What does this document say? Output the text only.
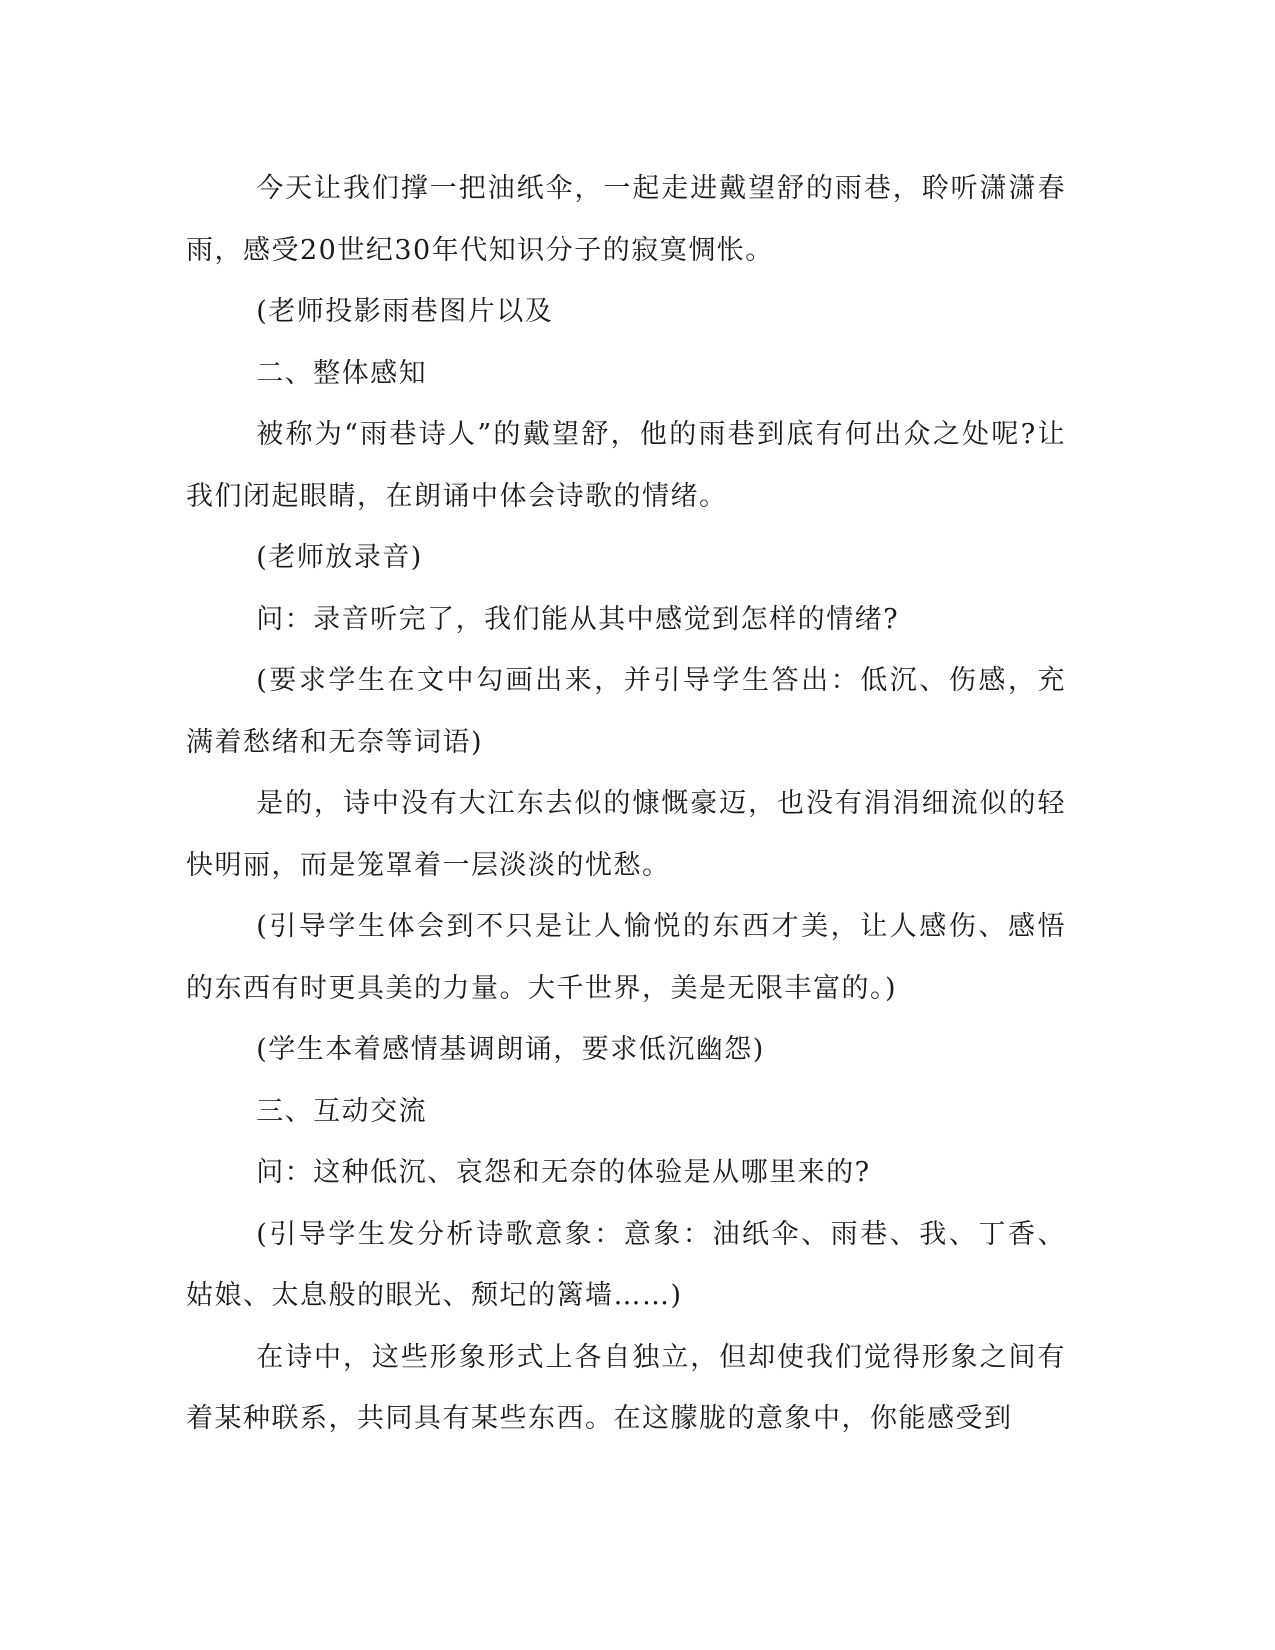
今天让我们撑一把油纸伞，一起走进戴望舒的雨巷，聆听潇潇春雨，感受20世纪30年代知识分子的寂寞惆怅。

(老师投影雨巷图片以及

二、整体感知

被称为“雨巷诗人”的戴望舒，他的雨巷到底有何出众之处呢?让我们闭起眼睛，在朗诵中体会诗歌的情绪。

(老师放录音)

问：录音听完了，我们能从其中感觉到怎样的情绪?

(要求学生在文中勾画出来，并引导学生答出：低沉、伤感，充满着愁绪和无奈等词语)

是的，诗中没有大江东去似的慷慨豪迈，也没有涓涓细流似的轻快明丽，而是笼罩着一层淡淡的忧愁。

(引导学生体会到不只是让人愉悦的东西才美，让人感伤、感悟的东西有时更具美的力量。大千世界，美是无限丰富的。)

(学生本着感情基调朗诵，要求低沉幽怨)

三、互动交流

问：这种低沉、哀怨和无奈的体验是从哪里来的?

(引导学生发分析诗歌意象：意象：油纸伞、雨巷、我、丁香、姑娘、太息般的眼光、颓圮的篱墙……)

在诗中，这些形象形式上各自独立，但却使我们觉得形象之间有着某种联系，共同具有某些东西。在这朦胧的意象中，你能感受到
